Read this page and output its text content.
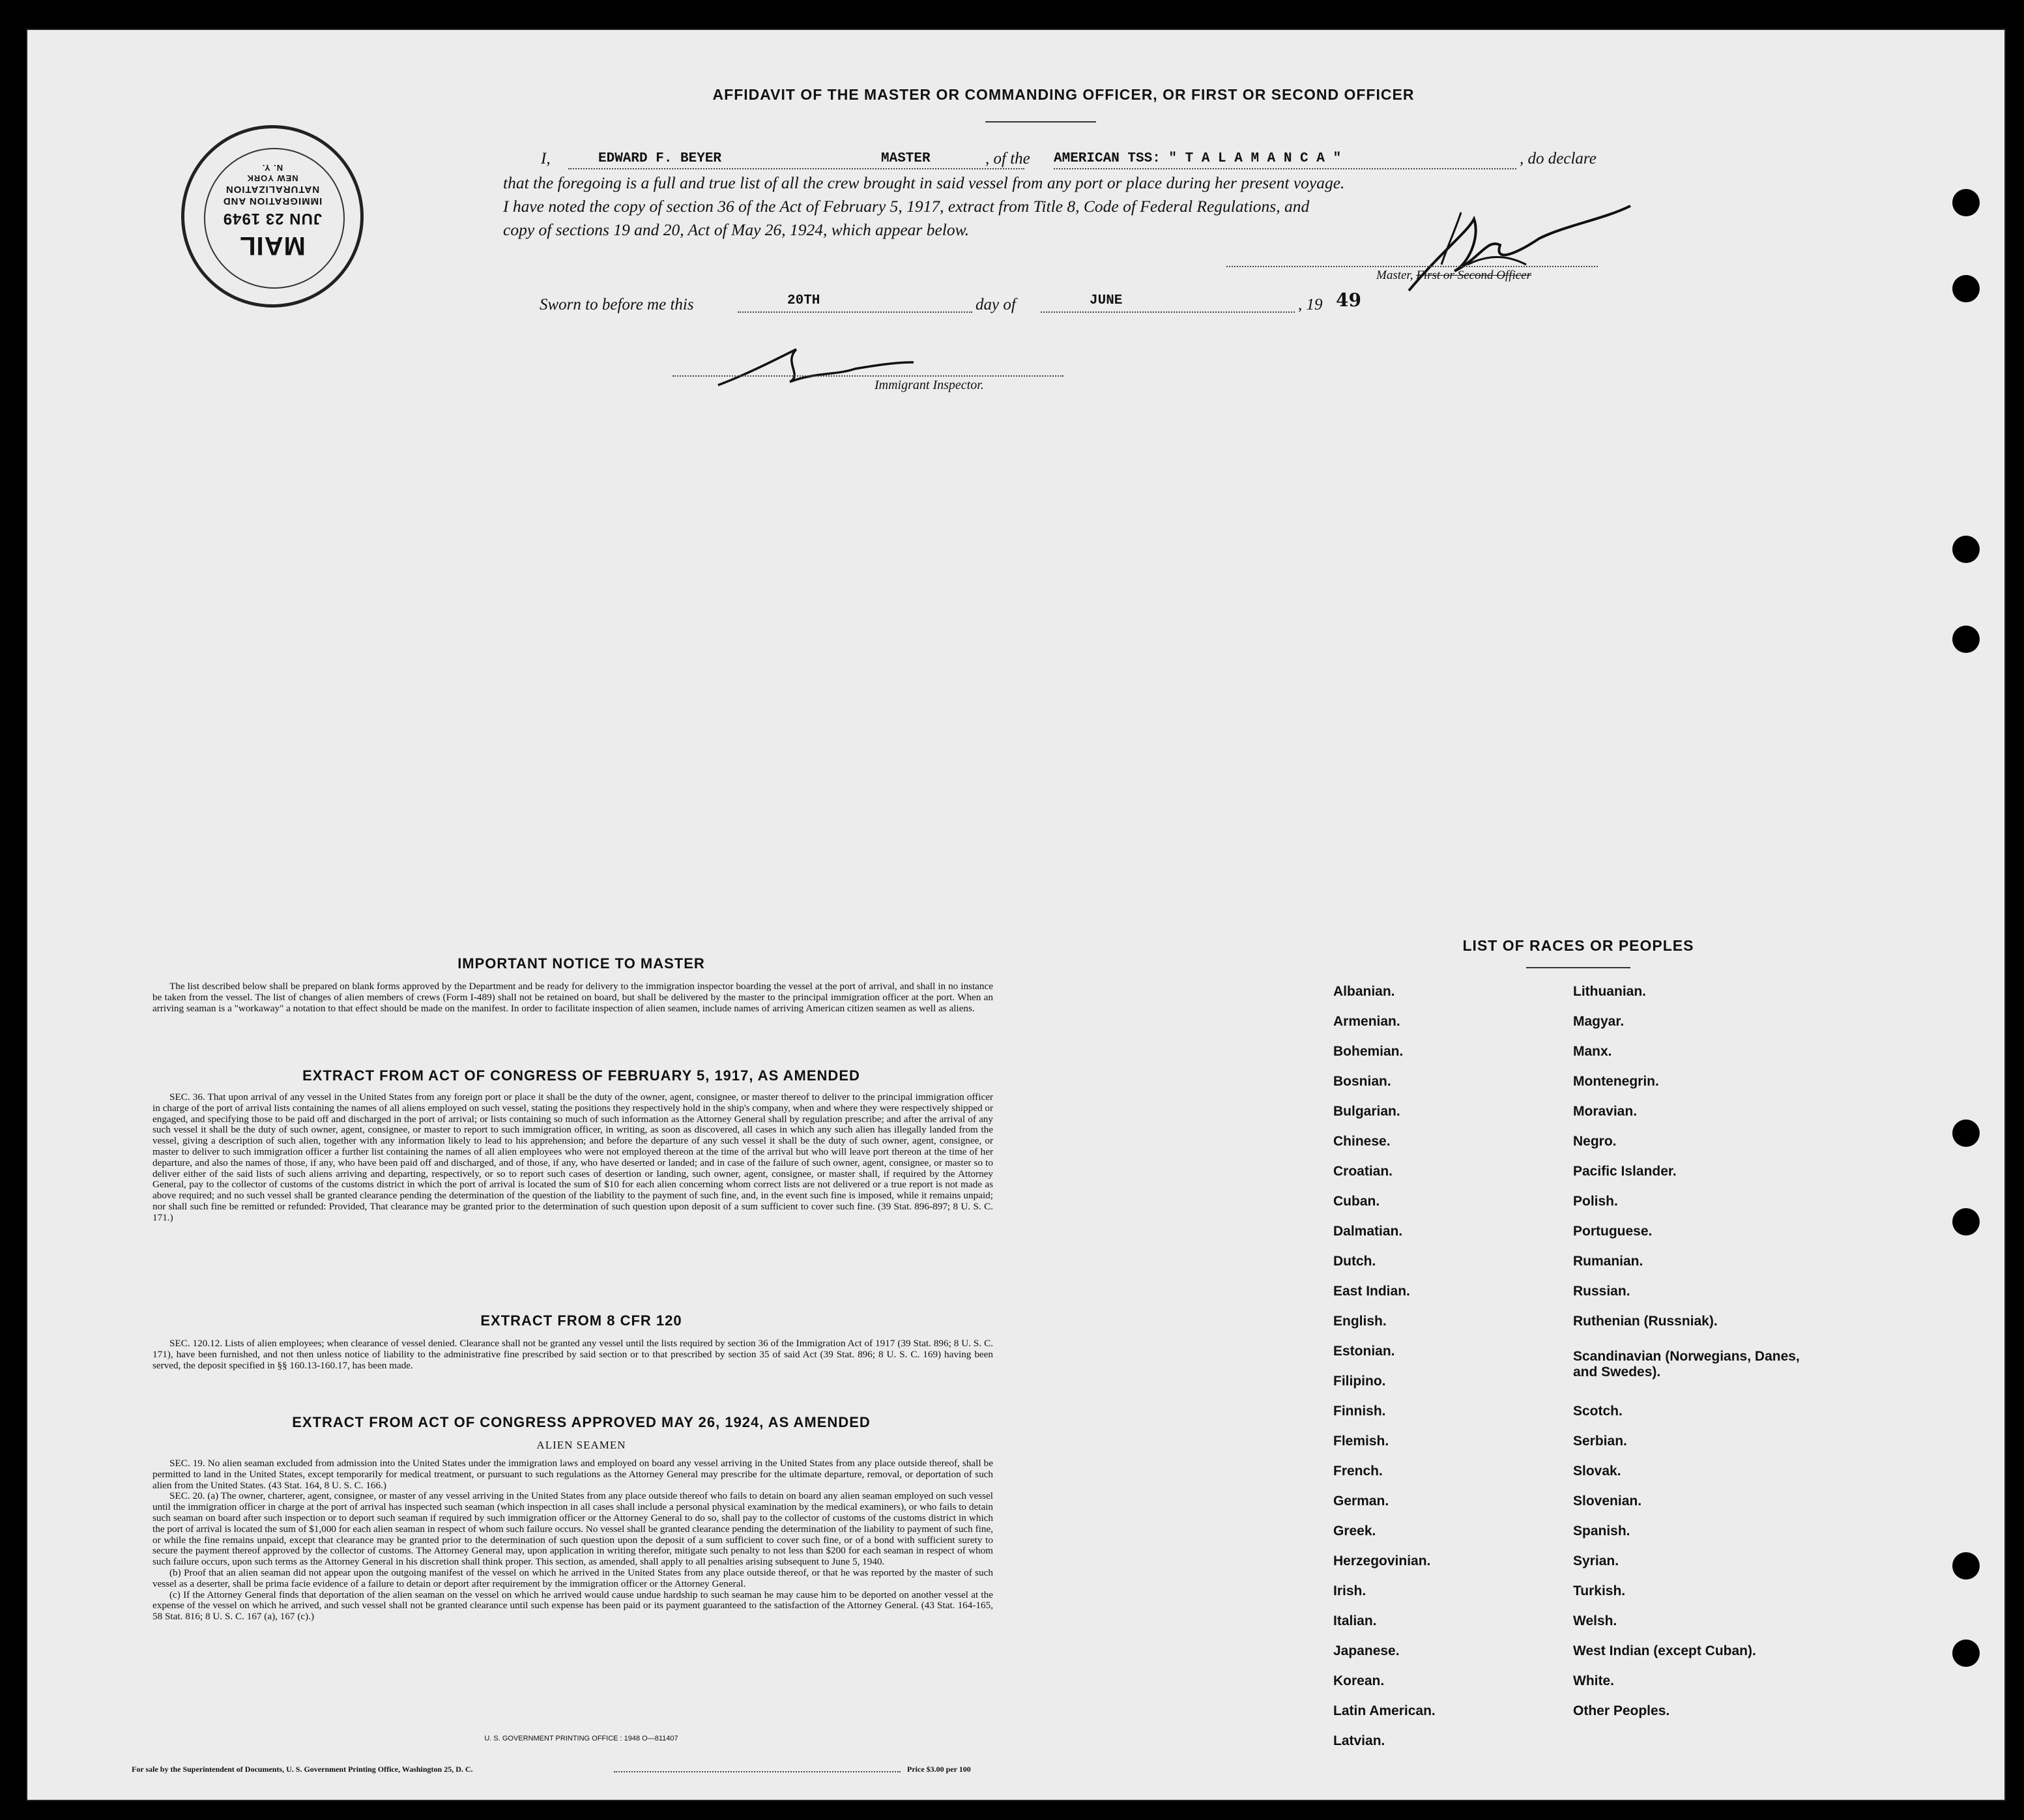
AFFIDAVIT OF THE MASTER OR COMMANDING OFFICER, OR FIRST OR SECOND OFFICER
MAIL
JUN 23 1949
IMMIGRATION AND
NATURALIZATION
NEW YORK
N. Y.
I,	EDWARD F. BEYER	MASTER	, of the AMERICAN TSS: " T A L A M A N C A "	, do declare
that the foregoing is a full and true list of all the crew brought in said vessel from any port or place during her present voyage.
I have noted the copy of section 36 of the Act of February 5, 1917, extract from Title 8, Code of Federal Regulations, and
copy of sections 19 and 20, Act of May 26, 1924, which appear below.
Master, First or Second Officer
Sworn to before me this	20TH	day of	JUNE	, 19 49
Immigrant Inspector.
IMPORTANT NOTICE TO MASTER

The list described below shall be prepared on blank forms approved by the Department and be ready for delivery to the immigration inspector boarding the vessel at the port of arrival, and shall in no instance be taken from the vessel. The list of changes of alien members of crews (Form I-489) shall not be retained on board, but shall be delivered by the master to the principal immigration officer at the port. When an arriving seaman is a "workaway" a notation to that effect should be made on the manifest. In order to facilitate inspection of alien seamen, include names of arriving American citizen seamen as well as aliens.

EXTRACT FROM ACT OF CONGRESS OF FEBRUARY 5, 1917, AS AMENDED

SEC. 36. That upon arrival of any vessel in the United States from any foreign port or place it shall be the duty of the owner, agent, consignee, or master thereof to deliver to the principal immigration officer in charge of the port of arrival lists containing the names of all aliens employed on such vessel, stating the positions they respectively hold in the ship's company, when and where they were respectively shipped or engaged, and specifying those to be paid off and discharged in the port of arrival; or lists containing so much of such information as the Attorney General shall by regulation prescribe; and after the arrival of any such vessel it shall be the duty of such owner, agent, consignee, or master to report to such immigration officer, in writing, as soon as discovered, all cases in which any such alien has illegally landed from the vessel, giving a description of such alien, together with any information likely to lead to his apprehension; and before the departure of any such vessel it shall be the duty of such owner, agent, consignee, or master to deliver to such immigration officer a further list containing the names of all alien employees who were not employed thereon at the time of the arrival but who will leave port thereon at the time of her departure, and also the names of those, if any, who have been paid off and discharged, and of those, if any, who have deserted or landed; and in case of the failure of such owner, agent, consignee, or master so to deliver either of the said lists of such aliens arriving and departing, respectively, or so to report such cases of desertion or landing, such owner, agent, consignee, or master shall, if required by the Attorney General, pay to the collector of customs of the customs district in which the port of arrival is located the sum of $10 for each alien concerning whom correct lists are not delivered or a true report is not made as above required; and no such vessel shall be granted clearance pending the determination of the question of the liability to the payment of such fine, and, in the event such fine is imposed, while it remains unpaid; nor shall such fine be remitted or refunded: Provided, That clearance may be granted prior to the determination of such question upon deposit of a sum sufficient to cover such fine. (39 Stat. 896-897; 8 U. S. C. 171.)

EXTRACT FROM 8 CFR 120

SEC. 120.12. Lists of alien employees; when clearance of vessel denied. Clearance shall not be granted any vessel until the lists required by section 36 of the Immigration Act of 1917 (39 Stat. 896; 8 U. S. C. 171), have been furnished, and not then unless notice of liability to the administrative fine prescribed by said section or to that prescribed by section 35 of said Act (39 Stat. 896; 8 U. S. C. 169) having been served, the deposit specified in §§ 160.13-160.17, has been made.

EXTRACT FROM ACT OF CONGRESS APPROVED MAY 26, 1924, AS AMENDED
ALIEN SEAMEN

SEC. 19. No alien seaman excluded from admission into the United States under the immigration laws and employed on board any vessel arriving in the United States from any place outside thereof, shall be permitted to land in the United States, except temporarily for medical treatment, or pursuant to such regulations as the Attorney General may prescribe for the ultimate departure, removal, or deportation of such alien from the United States. (43 Stat. 164, 8 U. S. C. 166.)

SEC. 20. (a) The owner, charterer, agent, consignee, or master of any vessel arriving in the United States from any place outside thereof who fails to detain on board any alien seaman employed on such vessel until the immigration officer in charge at the port of arrival has inspected such seaman (which inspection in all cases shall include a personal physical examination by the medical examiners), or who fails to detain such seaman on board after such inspection or to deport such seaman if required by such immigration officer or the Attorney General to do so, shall pay to the collector of customs of the customs district in which the port of arrival is located the sum of $1,000 for each alien seaman in respect of whom such failure occurs. No vessel shall be granted clearance pending the determination of the liability to payment of such fine, or while the fine remains unpaid, except that clearance may be granted prior to the determination of such question upon the deposit of a sum sufficient to cover such fine, or of a bond with sufficient surety to secure the payment thereof approved by the collector of customs. The Attorney General may, upon application in writing therefor, mitigate such penalty to not less than $200 for each seaman in respect of whom such failure occurs, upon such terms as the Attorney General in his discretion shall think proper. This section, as amended, shall apply to all penalties arising subsequent to June 5, 1940.

(b) Proof that an alien seaman did not appear upon the outgoing manifest of the vessel on which he arrived in the United States from any place outside thereof, or that he was reported by the master of such vessel as a deserter, shall be prima facie evidence of a failure to detain or deport after requirement by the immigration officer or the Attorney General.

(c) If the Attorney General finds that deportation of the alien seaman on the vessel on which he arrived would cause undue hardship to such seaman he may cause him to be deported on another vessel at the expense of the vessel on which he arrived, and such vessel shall not be granted clearance until such expense has been paid or its payment guaranteed to the satisfaction of the Attorney General. (43 Stat. 164-165, 58 Stat. 816; 8 U. S. C. 167 (a), 167 (c).)

U. S. GOVERNMENT PRINTING OFFICE : 1948 O—811407
For sale by the Superintendent of Documents, U. S. Government Printing Office, Washington 25, D. C.	Price $3.00 per 100
LIST OF RACES OR PEOPLES
Albanian.
Armenian.
Bohemian.
Bosnian.
Bulgarian.
Chinese.
Croatian.
Cuban.
Dalmatian.
Dutch.
East Indian.
English.
Estonian.
Filipino.
Finnish.
Flemish.
French.
German.
Greek.
Herzegovinian.
Irish.
Italian.
Japanese.
Korean.
Latin American.
Latvian.
Lithuanian.
Magyar.
Manx.
Montenegrin.
Moravian.
Negro.
Pacific Islander.
Polish.
Portuguese.
Rumanian.
Russian.
Ruthenian (Russniak).
Scandinavian (Norwegians, Danes, and Swedes).
Scotch.
Serbian.
Slovak.
Slovenian.
Spanish.
Syrian.
Turkish.
Welsh.
West Indian (except Cuban).
White.
Other Peoples.
